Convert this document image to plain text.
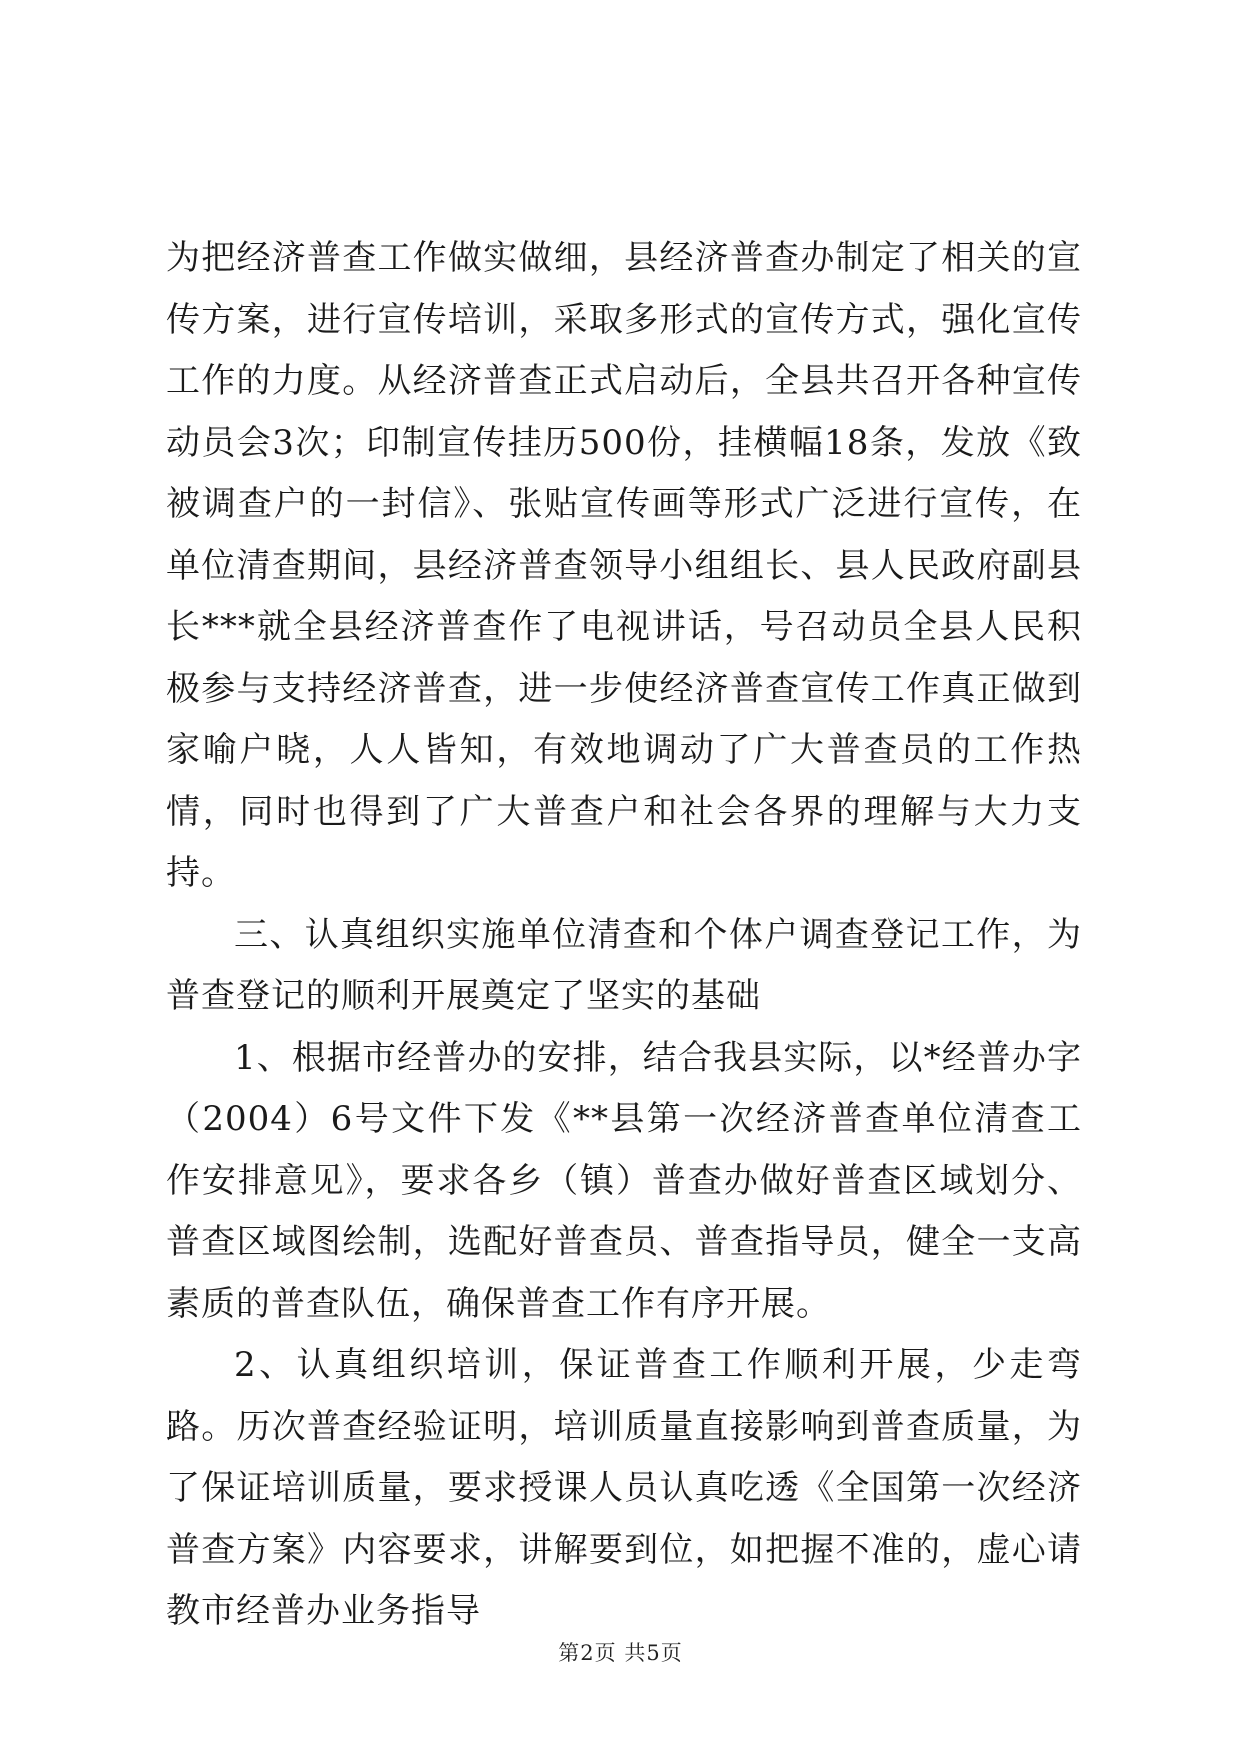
为把经济普查工作做实做细，县经济普查办制定了相关的宣传方案，进行宣传培训，采取多形式的宣传方式，强化宣传工作的力度。从经济普查正式启动后，全县共召开各种宣传动员会3次；印制宣传挂历500份，挂横幅18条，发放《致被调查户的一封信》、张贴宣传画等形式广泛进行宣传，在单位清查期间，县经济普查领导小组组长、县人民政府副县长***就全县经济普查作了电视讲话，号召动员全县人民积极参与支持经济普查，进一步使经济普查宣传工作真正做到家喻户晓，人人皆知，有效地调动了广大普查员的工作热情，同时也得到了广大普查户和社会各界的理解与大力支持。

三、认真组织实施单位清查和个体户调查登记工作，为普查登记的顺利开展奠定了坚实的基础

1、根据市经普办的安排，结合我县实际，以*经普办字（2004）6号文件下发《**县第一次经济普查单位清查工作安排意见》，要求各乡（镇）普查办做好普查区域划分、普查区域图绘制，选配好普查员、普查指导员，健全一支高素质的普查队伍，确保普查工作有序开展。

2、认真组织培训，保证普查工作顺利开展，少走弯路。历次普查经验证明，培训质量直接影响到普查质量，为了保证培训质量，要求授课人员认真吃透《全国第一次经济普查方案》内容要求，讲解要到位，如把握不准的，虚心请教市经普办业务指导

第2页 共5页
